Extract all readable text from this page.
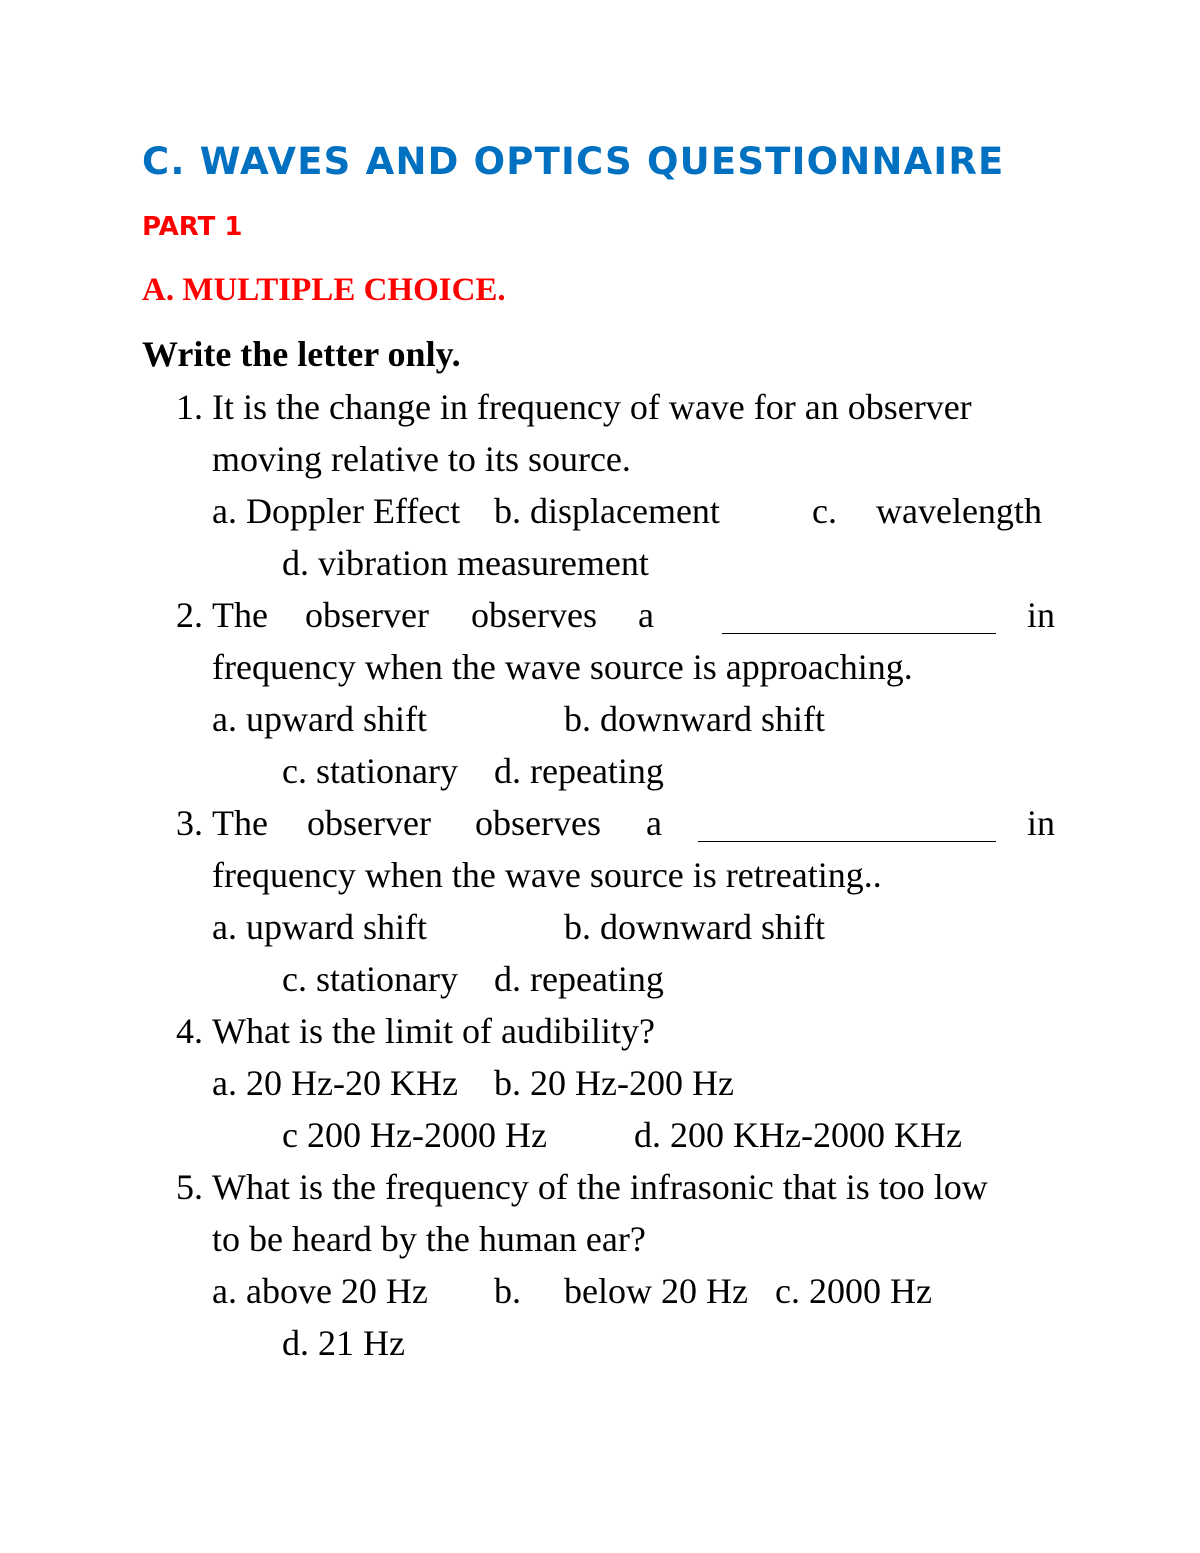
C. WAVES AND OPTICS QUESTIONNAIRE
PART 1
A. MULTIPLE CHOICE.
Write the letter only.
1. It is the change in frequency of wave for an observer
moving relative to its source.
a. Doppler Effect b. displacement	c. wavelength
d. vibration measurement
2. The observer observes a	in
frequency when the wave source is approaching.
a. upward shift	b. downward shift
c. stationary d. repeating
3. The observer observes a	in
frequency when the wave source is retreating..
a. upward shift	b. downward shift
c. stationary d. repeating
4. What is the limit of audibility?
a. 20 Hz-20 KHz b. 20 Hz-200 Hz
c 200 Hz-2000 Hz d. 200 KHz-2000 KHz
5. What is the frequency of the infrasonic that is too low
to be heard by the human ear?
a. above 20 Hz b. below 20 Hz c. 2000 Hz
d. 21 Hz
